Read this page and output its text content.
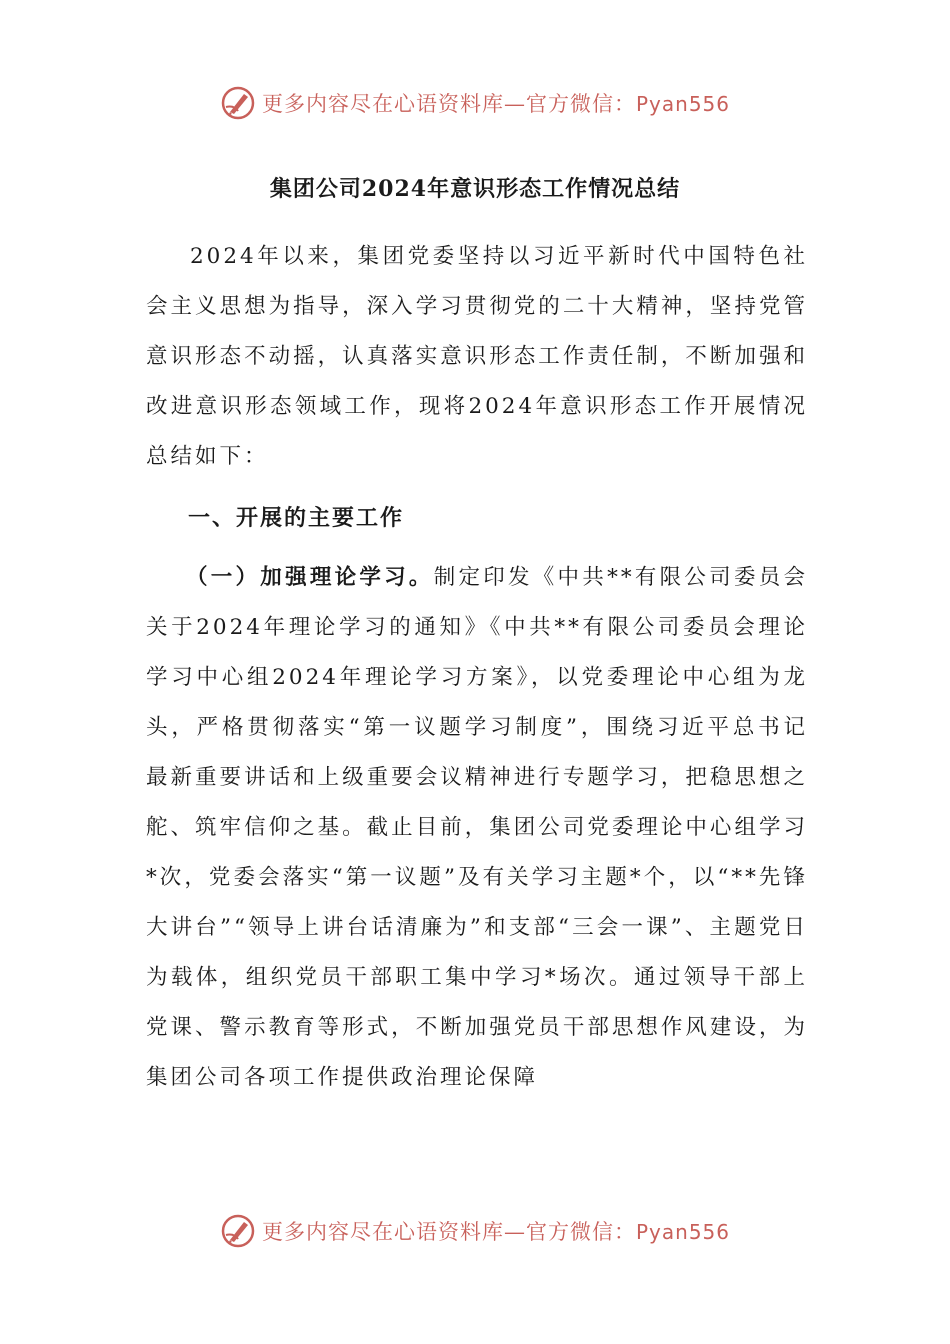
更多内容尽在心语资料库—官方微信：Pyan556
集团公司2024年意识形态工作情况总结

2024年以来，集团党委坚持以习近平新时代中国特色社会主义思想为指导，深入学习贯彻党的二十大精神，坚持党管意识形态不动摇，认真落实意识形态工作责任制，不断加强和改进意识形态领域工作，现将2024年意识形态工作开展情况总结如下：

一、开展的主要工作

（一）加强理论学习。制定印发《中共**有限公司委员会关于2024年理论学习的通知》《中共**有限公司委员会理论学习中心组2024年理论学习方案》，以党委理论中心组为龙头，严格贯彻落实“第一议题学习制度”，围绕习近平总书记最新重要讲话和上级重要会议精神进行专题学习，把稳思想之舵、筑牢信仰之基。截止目前，集团公司党委理论中心组学习*次，党委会落实“第一议题”及有关学习主题*个，以“**先锋大讲台”“领导上讲台话清廉为”和支部“三会一课”、主题党日为载体，组织党员干部职工集中学习*场次。通过领导干部上党课、警示教育等形式，不断加强党员干部思想作风建设，为集团公司各项工作提供政治理论保障

更多内容尽在心语资料库—官方微信：Pyan556
